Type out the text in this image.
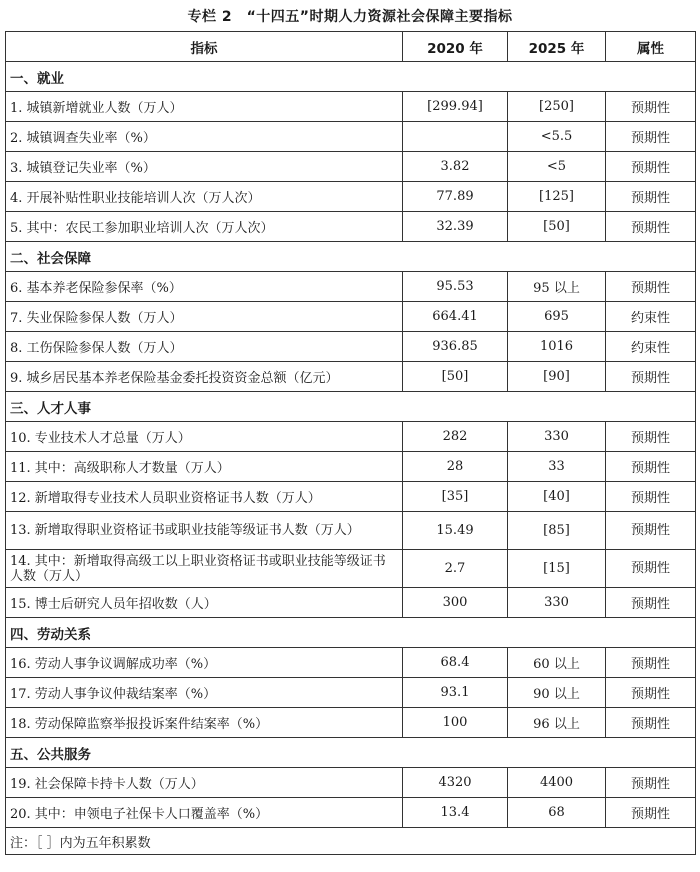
专栏 2　“十四五”时期人力资源社会保障主要指标
指标	2020 年	2025 年	属性
一、就业			
1. 城镇新增就业人数（万人）	[299.94]	[250]	预期性
2. 城镇调查失业率（%）		<5.5	预期性
3. 城镇登记失业率（%）	3.82	<5	预期性
4. 开展补贴性职业技能培训人次（万人次）	77.89	[125]	预期性
5. 其中：农民工参加职业培训人次（万人次）	32.39	[50]	预期性
二、社会保障			
6. 基本养老保险参保率（%）	95.53	95 以上	预期性
7. 失业保险参保人数（万人）	664.41	695	约束性
8. 工伤保险参保人数（万人）	936.85	1016	约束性
9. 城乡居民基本养老保险基金委托投资资金总额（亿元）	[50]	[90]	预期性
三、人才人事			
10. 专业技术人才总量（万人）	282	330	预期性
11. 其中：高级职称人才数量（万人）	28	33	预期性
12. 新增取得专业技术人员职业资格证书人数（万人）	[35]	[40]	预期性
13. 新增取得职业资格证书或职业技能等级证书人数（万人）	15.49	[85]	预期性
14. 其中：新增取得高级工以上职业资格证书或职业技能等级证书人数（万人）	2.7	[15]	预期性
15. 博士后研究人员年招收数（人）	300	330	预期性
四、劳动关系			
16. 劳动人事争议调解成功率（%）	68.4	60 以上	预期性
17. 劳动人事争议仲裁结案率（%）	93.1	90 以上	预期性
18. 劳动保障监察举报投诉案件结案率（%）	100	96 以上	预期性
五、公共服务			
19. 社会保障卡持卡人数（万人）	4320	4400	预期性
20. 其中：申领电子社保卡人口覆盖率（%）	13.4	68	预期性
注：［ ］内为五年积累数			
